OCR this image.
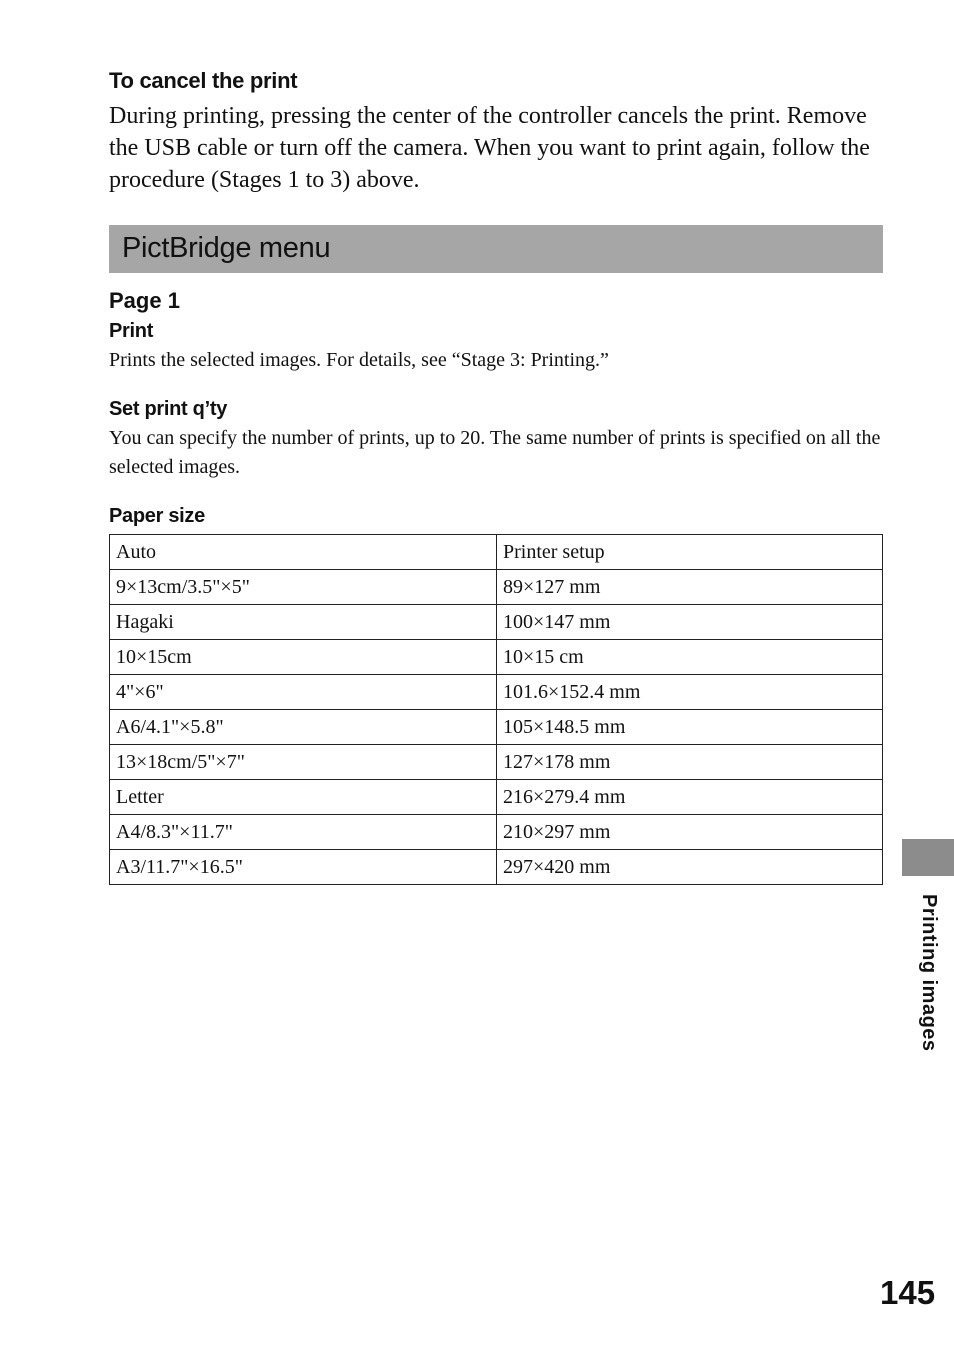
To cancel the print
During printing, pressing the center of the controller cancels the print. Remove the USB cable or turn off the camera. When you want to print again, follow the procedure (Stages 1 to 3) above.
PictBridge menu
Page 1
Print
Prints the selected images. For details, see “Stage 3: Printing.”
Set print q’ty
You can specify the number of prints, up to 20. The same number of prints is specified on all the selected images.
Paper size
Auto	Printer setup
9×13cm/3.5"×5"	89×127 mm
Hagaki	100×147 mm
10×15cm	10×15 cm
4"×6"	101.6×152.4 mm
A6/4.1"×5.8"	105×148.5 mm
13×18cm/5"×7"	127×178 mm
Letter	216×279.4 mm
A4/8.3"×11.7"	210×297 mm
A3/11.7"×16.5"	297×420 mm
Printing images
145
